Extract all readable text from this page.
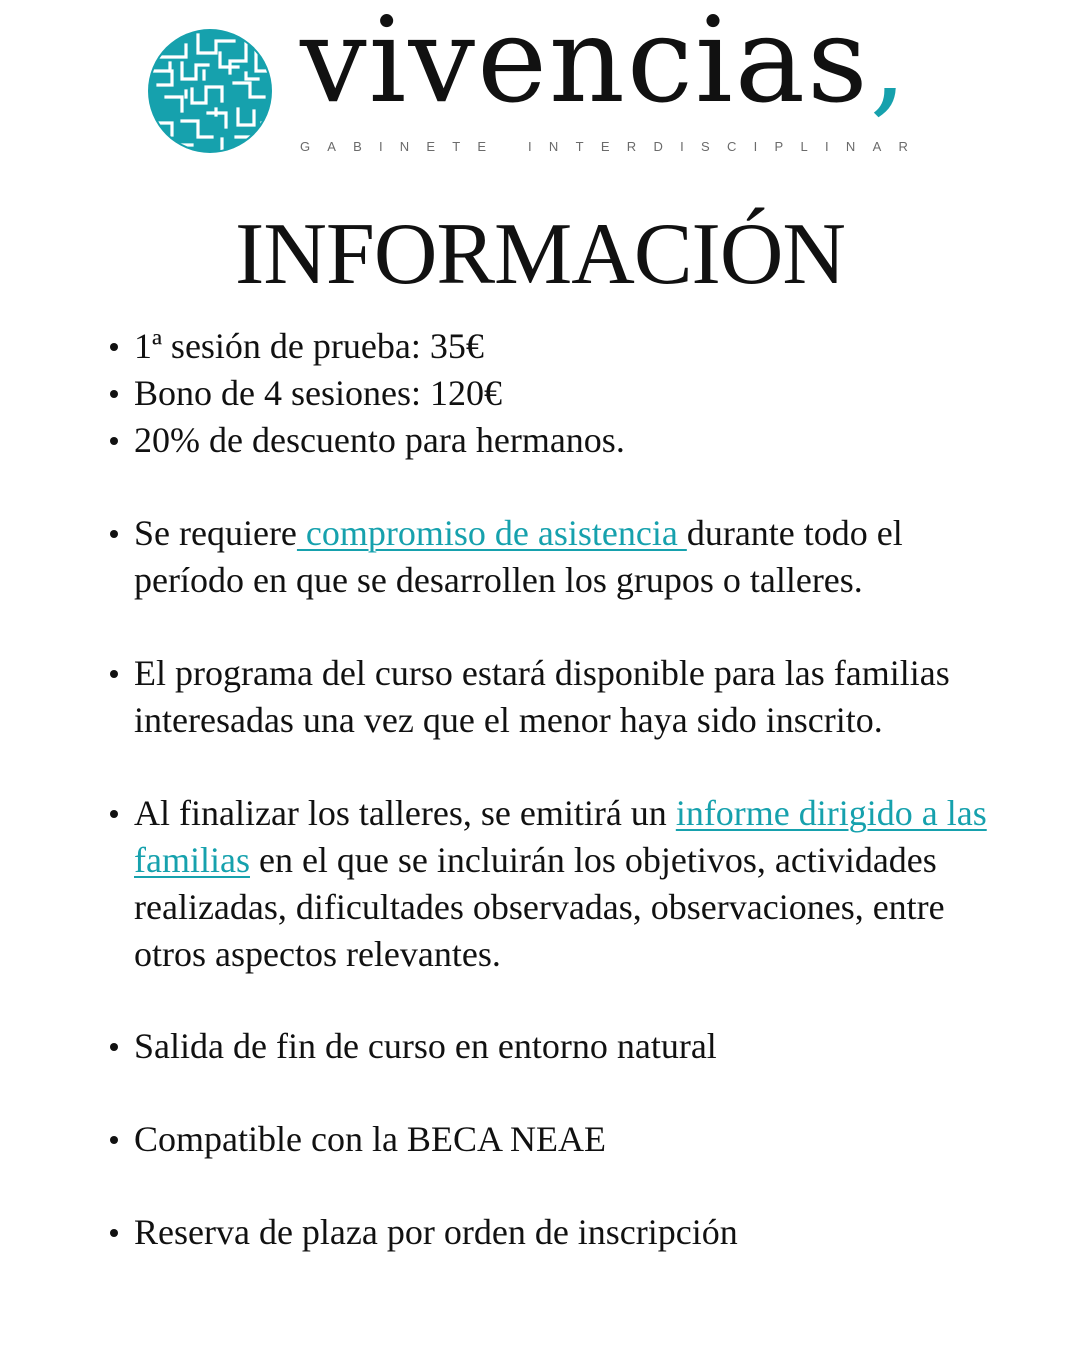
vivencias,
G A B I N E T E	I N T E R D I S C I P L I N A R
INFORMACIÓN
1ª sesión de prueba: 35€
Bono de 4 sesiones: 120€
20% de descuento para hermanos.
Se requiere compromiso de asistencia durante todo el período en que se desarrollen los grupos o talleres.
El programa del curso estará disponible para las familias interesadas una vez que el menor haya sido inscrito.
Al finalizar los talleres, se emitirá un informe dirigido a las familias en el que se incluirán los objetivos, actividades realizadas, dificultades observadas, observaciones, entre otros aspectos relevantes.
Salida de fin de curso en entorno natural
Compatible con la BECA NEAE
Reserva de plaza por orden de inscripción
